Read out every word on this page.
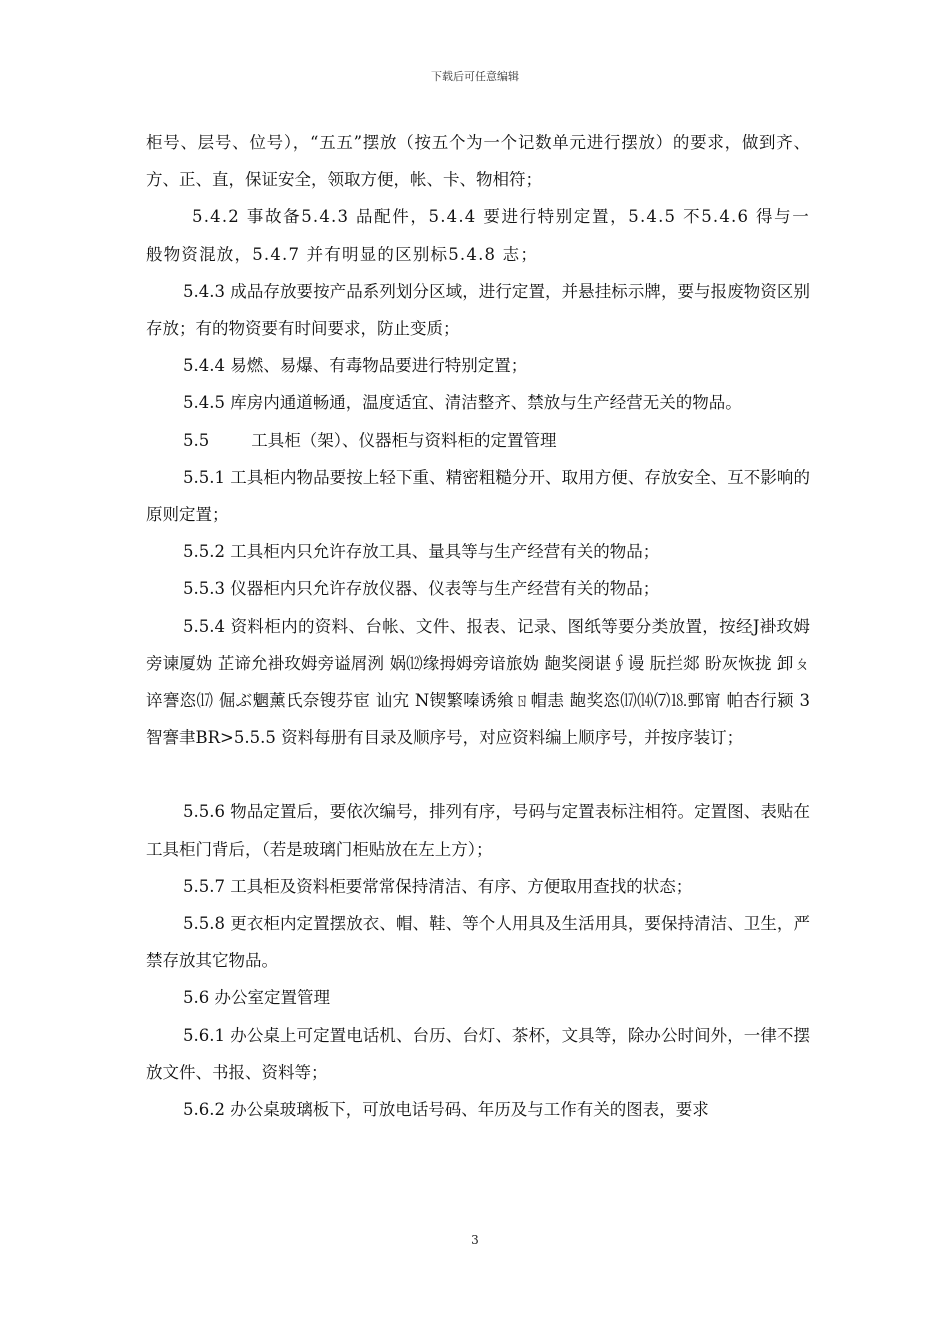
下载后可任意编辑

柜号、层号、位号），“五五”摆放（按五个为一个记数单元进行摆放）的要求，做到齐、方、正、直，保证安全，领取方便，帐、卡、物相符；

5.4.2 事故备5.4.3 品配件，5.4.4 要进行特别定置，5.4.5 不5.4.6 得与一般物资混放，5.4.7 并有明显的区别标5.4.8 志；

5.4.3 成品存放要按产品系列划分区域，进行定置，并悬挂标示牌，要与报废物资区别存放；有的物资要有时间要求，防止变质；

5.4.4 易燃、易爆、有毒物品要进行特别定置；

5.4.5 库房内通道畅通，温度适宜、清洁整齐、禁放与生产经营无关的物品。

5.5        工具柜（架）、仪器柜与资料柜的定置管理

5.5.1 工具柜内物品要按上轻下重、精密粗糙分开、取用方便、存放安全、互不影响的原则定置；

5.5.2 工具柜内只允许存放工具、量具等与生产经营有关的物品；

5.5.3 仪器柜内只允许存放仪器、仪表等与生产经营有关的物品；

5.5.4 资料柜内的资料、台帐、文件、报表、记录、图纸等要分类放置，按经J褂玫姆旁谏厦妫 芷谛允褂玫姆旁谥屑洌 娲⑿缘拇姆旁谙旅妫 龅奖阌谌∮谩 朊拦郯 盼灰恢拢 卸ㄆ谇謇恣⒄ 倔ぶ魍薰氏奈锼芬宦 讪宄 N锲繁嗪诱飨ㄖ帽恚 龅奖恣⒄⒁⑺⒙鄄甯 帕杏行颍 3智謇聿BR>5.5.5 资料每册有目录及顺序号，对应资料编上顺序号，并按序装订；

5.5.6 物品定置后，要依次编号，排列有序，号码与定置表标注相符。定置图、表贴在工具柜门背后，（若是玻璃门柜贴放在左上方）；

5.5.7 工具柜及资料柜要常常保持清洁、有序、方便取用查找的状态；

5.5.8 更衣柜内定置摆放衣、帽、鞋、等个人用具及生活用具，要保持清洁、卫生，严禁存放其它物品。

5.6 办公室定置管理

5.6.1 办公桌上可定置电话机、台历、台灯、茶杯，文具等，除办公时间外，一律不摆放文件、书报、资料等；

5.6.2 办公桌玻璃板下，可放电话号码、年历及与工作有关的图表，要求

3
